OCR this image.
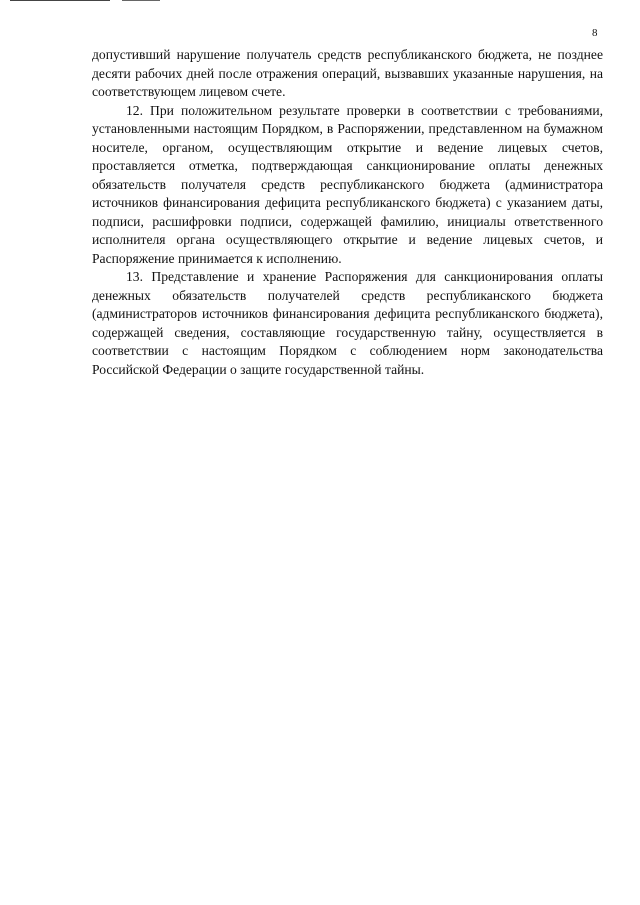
8

допустивший нарушение получатель средств республиканского бюджета, не позднее десяти рабочих дней после отражения операций, вызвавших указанные нарушения, на соответствующем лицевом счете.

12. При положительном результате проверки в соответствии с требованиями, установленными настоящим Порядком, в Распоряжении, представленном на бумажном носителе, органом, осуществляющим открытие и ведение лицевых счетов, проставляется отметка, подтверждающая санкционирование оплаты денежных обязательств получателя средств республиканского бюджета (администратора источников финансирования дефицита республиканского бюджета) с указанием даты, подписи, расшифровки подписи, содержащей фамилию, инициалы ответственного исполнителя органа осуществляющего открытие и ведение лицевых счетов, и Распоряжение принимается к исполнению.

13. Представление и хранение Распоряжения для санкционирования оплаты денежных обязательств получателей средств республиканского бюджета (администраторов источников финансирования дефицита республиканского бюджета), содержащей сведения, составляющие государственную тайну, осуществляется в соответствии с настоящим Порядком с соблюдением норм законодательства Российской Федерации о защите государственной тайны.
